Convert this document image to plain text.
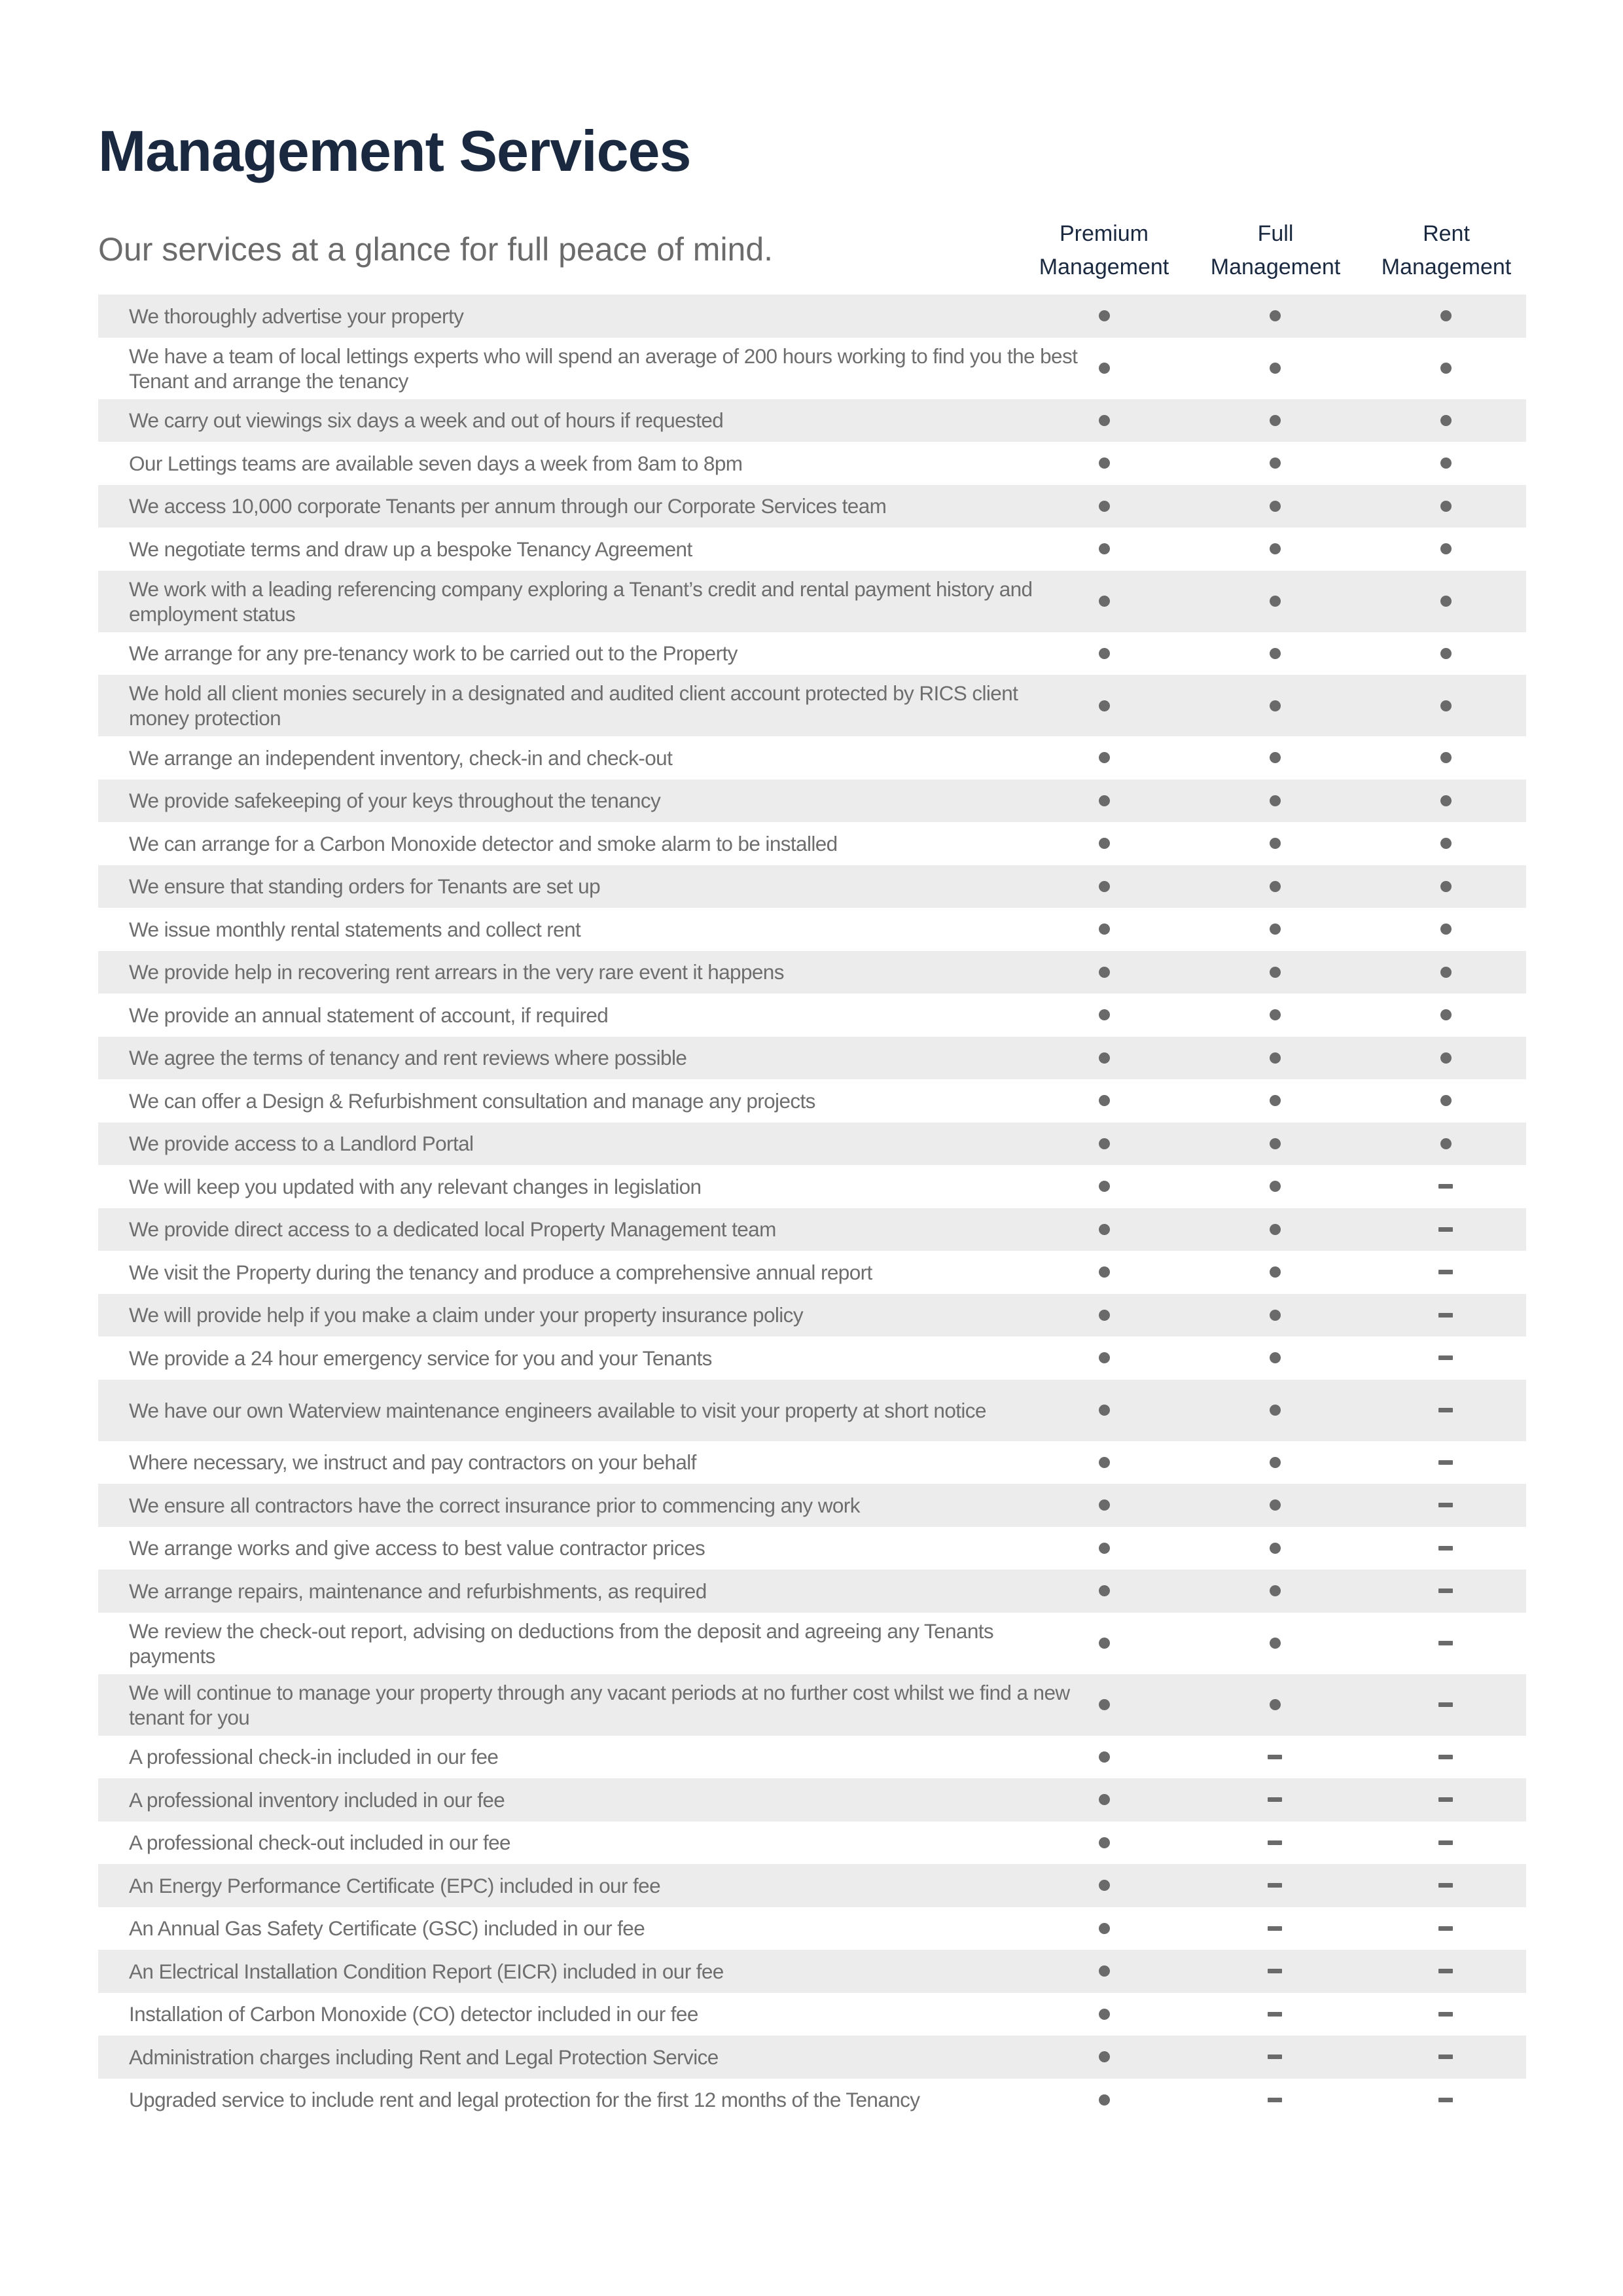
Management Services

Our services at a glance for full peace of mind.	Premium
Management
Full
Management
Rent
Management
We thoroughly advertise your property
We have a team of local lettings experts who will spend an average of 200 hours working to find you the best Tenant and arrange the tenancy
We carry out viewings six days a week and out of hours if requested
Our Lettings teams are available seven days a week from 8am to 8pm
We access 10,000 corporate Tenants per annum through our Corporate Services team
We negotiate terms and draw up a bespoke Tenancy Agreement
We work with a leading referencing company exploring a Tenant’s credit and rental payment history and employment status
We arrange for any pre-tenancy work to be carried out to the Property
We hold all client monies securely in a designated and audited client account protected by RICS client money protection
We arrange an independent inventory, check-in and check-out
We provide safekeeping of your keys throughout the tenancy
We can arrange for a Carbon Monoxide detector and smoke alarm to be installed
We ensure that standing orders for Tenants are set up
We issue monthly rental statements and collect rent
We provide help in recovering rent arrears in the very rare event it happens
We provide an annual statement of account, if required
We agree the terms of tenancy and rent reviews where possible
We can offer a Design & Refurbishment consultation and manage any projects
We provide access to a Landlord Portal
We will keep you updated with any relevant changes in legislation
We provide direct access to a dedicated local Property Management team
We visit the Property during the tenancy and produce a comprehensive annual report
We will provide help if you make a claim under your property insurance policy
We provide a 24 hour emergency service for you and your Tenants
We have our own Waterview maintenance engineers available to visit your property at short notice
Where necessary, we instruct and pay contractors on your behalf
We ensure all contractors have the correct insurance prior to commencing any work
We arrange works and give access to best value contractor prices
We arrange repairs, maintenance and refurbishments, as required
We review the check-out report, advising on deductions from the deposit and agreeing any Tenants payments
We will continue to manage your property through any vacant periods at no further cost whilst we find a new tenant for you
A professional check-in included in our fee
A professional inventory included in our fee
A professional check-out included in our fee
An Energy Performance Certificate (EPC) included in our fee
An Annual Gas Safety Certificate (GSC) included in our fee
An Electrical Installation Condition Report (EICR) included in our fee
Installation of Carbon Monoxide (CO) detector included in our fee
Administration charges including Rent and Legal Protection Service
Upgraded service to include rent and legal protection for the first 12 months of the Tenancy
